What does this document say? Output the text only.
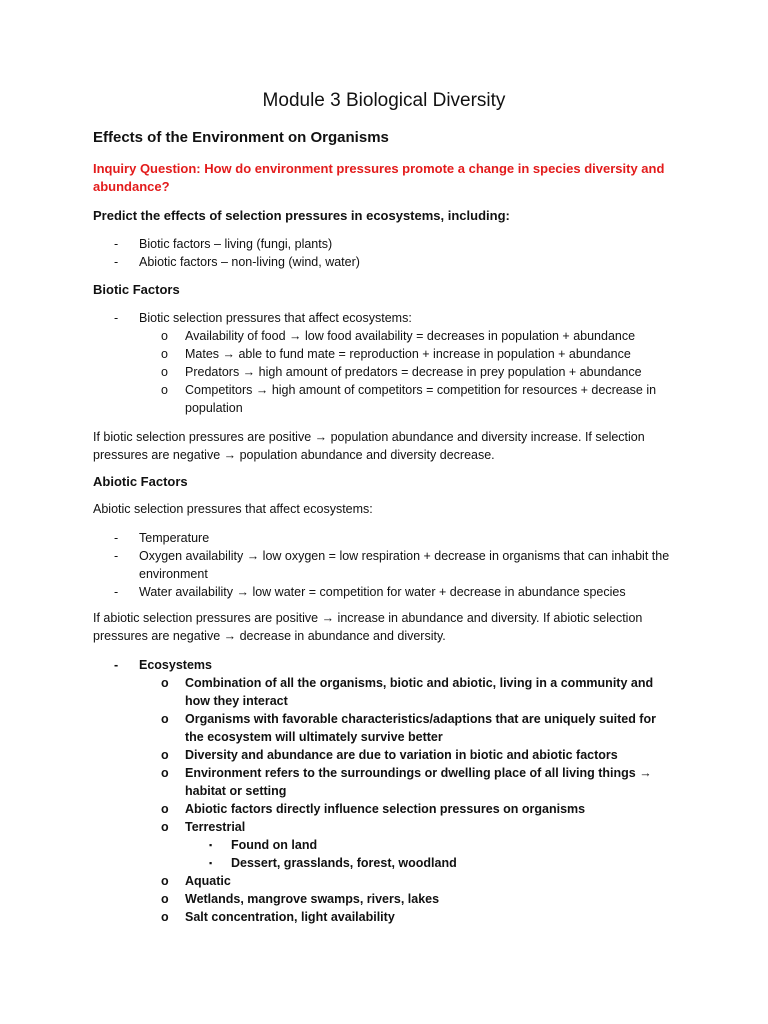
Module 3 Biological Diversity
Effects of the Environment on Organisms

Inquiry Question: How do environment pressures promote a change in species diversity and abundance?

Predict the effects of selection pressures in ecosystems, including:

- Biotic factors – living (fungi, plants)
- Abiotic factors – non-living (wind, water)

Biotic Factors

- Biotic selection pressures that affect ecosystems:
o Availability of food → low food availability = decreases in population + abundance
o Mates → able to fund mate = reproduction + increase in population + abundance
o Predators → high amount of predators = decrease in prey population + abundance
o Competitors → high amount of competitors = competition for resources + decrease in population

If biotic selection pressures are positive → population abundance and diversity increase. If selection pressures are negative → population abundance and diversity decrease.

Abiotic Factors

Abiotic selection pressures that affect ecosystems:

- Temperature
- Oxygen availability → low oxygen = low respiration + decrease in organisms that can inhabit the environment
- Water availability → low water = competition for water + decrease in abundance species

If abiotic selection pressures are positive → increase in abundance and diversity. If abiotic selection pressures are negative → decrease in abundance and diversity.

- Ecosystems
o Combination of all the organisms, biotic and abiotic, living in a community and how they interact
o Organisms with favorable characteristics/adaptions that are uniquely suited for the ecosystem will ultimately survive better
o Diversity and abundance are due to variation in biotic and abiotic factors
o Environment refers to the surroundings or dwelling place of all living things → habitat or setting
o Abiotic factors directly influence selection pressures on organisms
o Terrestrial
▪ Found on land
▪ Dessert, grasslands, forest, woodland
o Aquatic
o Wetlands, mangrove swamps, rivers, lakes
o Salt concentration, light availability
